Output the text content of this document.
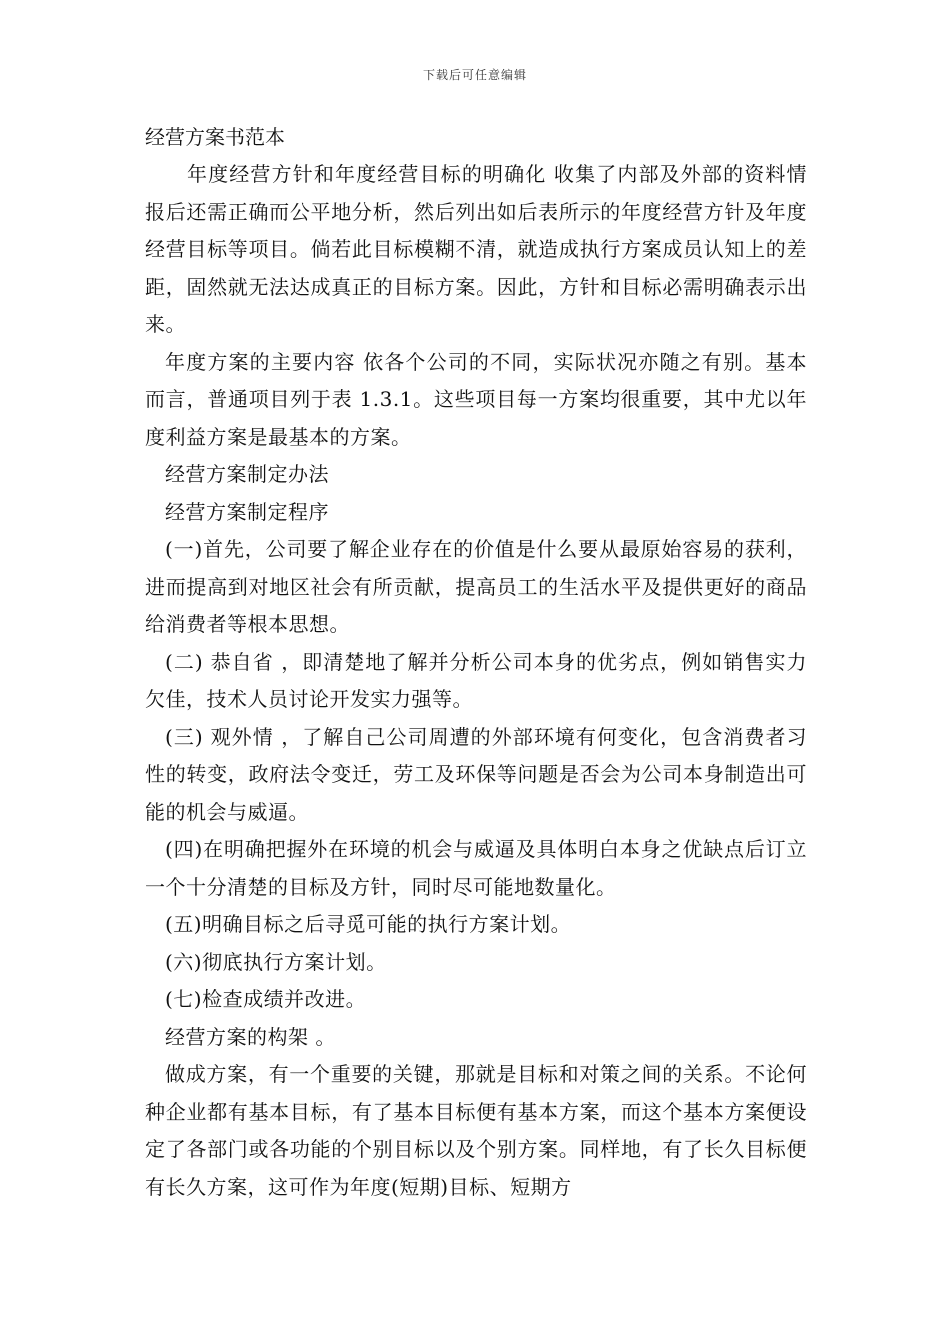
下载后可任意编辑
经营方案书范本

年度经营方针和年度经营目标的明确化 收集了内部及外部的资料情报后还需正确而公平地分析，然后列出如后表所示的年度经营方针及年度经营目标等项目。倘若此目标模糊不清，就造成执行方案成员认知上的差距，固然就无法达成真正的目标方案。因此，方针和目标必需明确表示出来。

年度方案的主要内容 依各个公司的不同，实际状况亦随之有别。基本而言，普通项目列于表 1.3.1。这些项目每一方案均很重要，其中尤以年度利益方案是最基本的方案。

经营方案制定办法

经营方案制定程序

(一)首先，公司要了解企业存在的价值是什么要从最原始容易的获利，进而提高到对地区社会有所贡献，提高员工的生活水平及提供更好的商品给消费者等根本思想。

(二) 恭自省 ，即清楚地了解并分析公司本身的优劣点，例如销售实力欠佳，技术人员讨论开发实力强等。

(三) 观外情 ，了解自己公司周遭的外部环境有何变化，包含消费者习性的转变，政府法令变迁，劳工及环保等问题是否会为公司本身制造出可能的机会与威逼。

(四)在明确把握外在环境的机会与威逼及具体明白本身之优缺点后订立一个十分清楚的目标及方针，同时尽可能地数量化。

(五)明确目标之后寻觅可能的执行方案计划。

(六)彻底执行方案计划。

(七)检查成绩并改进。

经营方案的构架 。

做成方案，有一个重要的关键，那就是目标和对策之间的关系。不论何种企业都有基本目标，有了基本目标便有基本方案，而这个基本方案便设定了各部门或各功能的个别目标以及个别方案。同样地，有了长久目标便有长久方案，这可作为年度(短期)目标、短期方
